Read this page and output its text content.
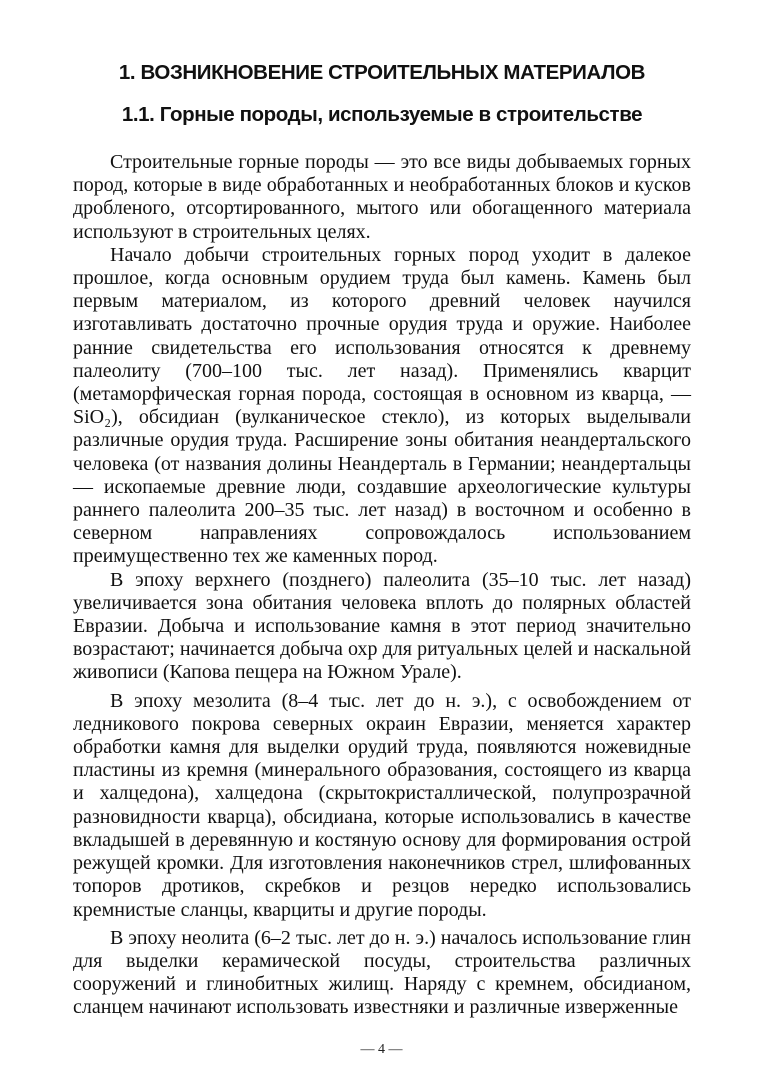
1. ВОЗНИКНОВЕНИЕ СТРОИТЕЛЬНЫХ МАТЕРИАЛОВ
1.1. Горные породы, используемые в строительстве

Строительные горные породы — это все виды добываемых горных пород, которые в виде обработанных и необработанных блоков и кусков дробленого, отсортированного, мытого или обогащенного материала используют в строительных целях.

Начало добычи строительных горных пород уходит в далекое прошлое, когда основным орудием труда был камень. Камень был первым материалом, из которого древний человек научился изготавливать достаточно прочные орудия труда и оружие. Наиболее ранние свидетельства его использования относятся к древнему палеолиту (700–100 тыс. лет назад). Применялись кварцит (метаморфическая горная порода, состоящая в основном из кварца, — SiO₂), обсидиан (вулканическое стекло), из которых выделывали различные орудия труда. Расширение зоны обитания неандертальского человека (от названия долины Неандерталь в Германии; неандертальцы — ископаемые древние люди, создавшие археологические культуры раннего палеолита 200–35 тыс. лет назад) в восточном и особенно в северном направлениях сопровождалось использованием преимущественно тех же каменных пород.

В эпоху верхнего (позднего) палеолита (35–10 тыс. лет назад) увеличивается зона обитания человека вплоть до полярных областей Евразии. Добыча и использование камня в этот период значительно возрастают; начинается добыча охр для ритуальных целей и наскальной живописи (Капова пещера на Южном Урале).

В эпоху мезолита (8–4 тыс. лет до н. э.), с освобождением от ледникового покрова северных окраин Евразии, меняется характер обработки камня для выделки орудий труда, появляются ножевидные пластины из кремня (минерального образования, состоящего из кварца и халцедона), халцедона (скрытокристаллической, полупрозрачной разновидности кварца), обсидиана, которые использовались в качестве вкладышей в деревянную и костяную основу для формирования острой режущей кромки. Для изготовления наконечников стрел, шлифованных топоров дротиков, скребков и резцов нередко использовались кремнистые сланцы, кварциты и другие породы.

В эпоху неолита (6–2 тыс. лет до н. э.) началось использование глин для выделки керамической посуды, строительства различных сооружений и глинобитных жилищ. Наряду с кремнем, обсидианом, сланцем начинают использовать известняки и различные изверженные

— 4 —
